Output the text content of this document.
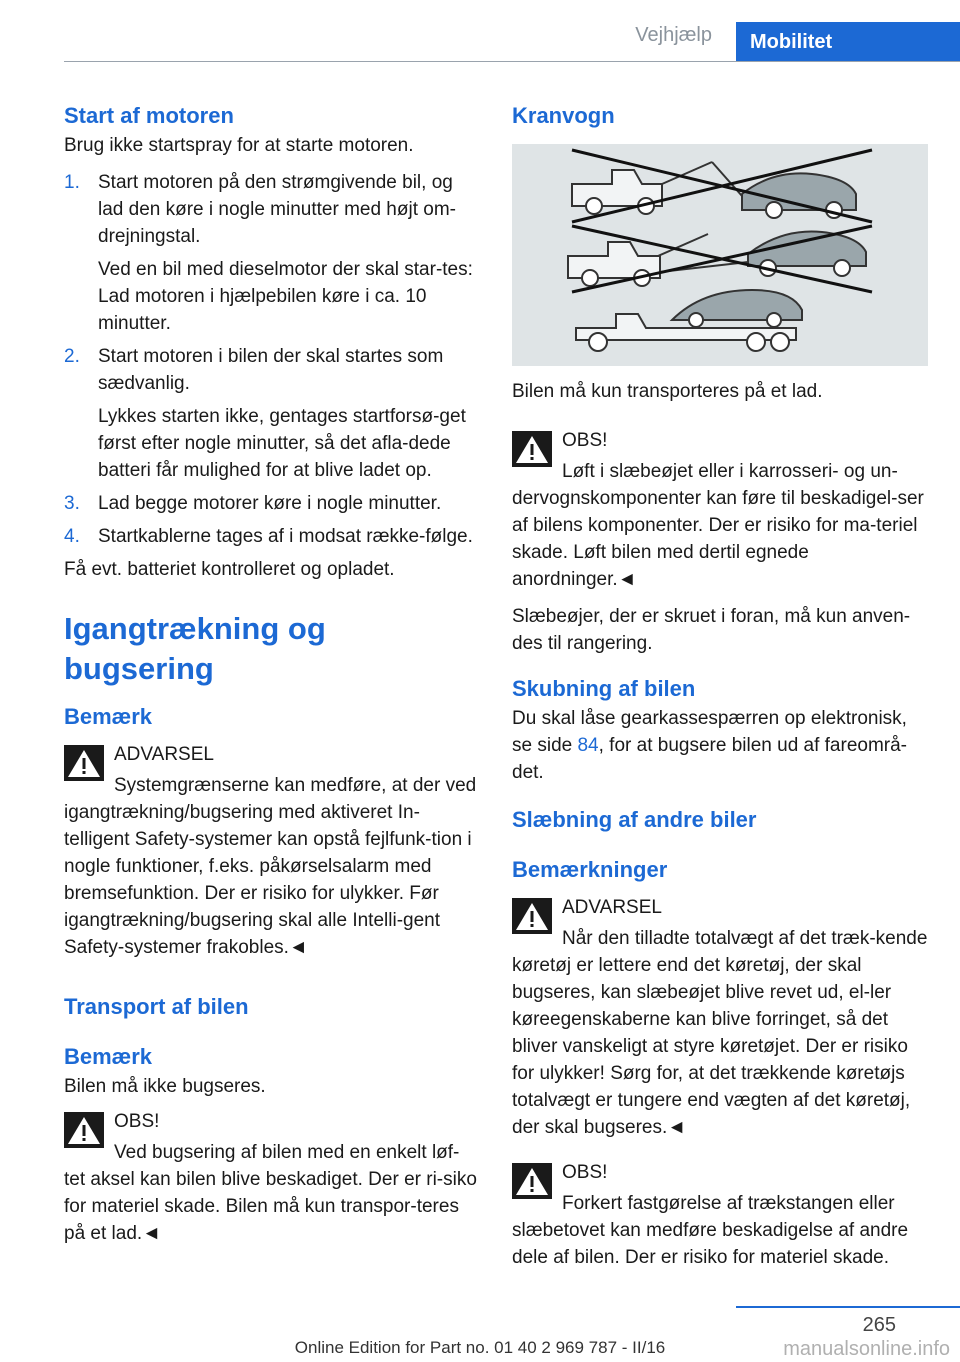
Vejhjælp	Mobilitet
Start af motoren

Brug ikke startspray for at starte motoren.

1. Start motoren på den strømgivende bil, og lad den køre i nogle minutter med højt om‐drejningstal.
Ved en bil med dieselmotor der skal star‐tes: Lad motoren i hjælpebilen køre i ca. 10 minutter.
2. Start motoren i bilen der skal startes som sædvanlig.
Lykkes starten ikke, gentages startforsø‐get først efter nogle minutter, så det afla‐dede batteri får mulighed for at blive ladet op.
3. Lad begge motorer køre i nogle minutter.
4. Startkablerne tages af i modsat række‐følge.

Få evt. batteriet kontrolleret og opladet.

Igangtrækning og bugsering
Bemærk
ADVARSEL
Systemgrænserne kan medføre, at der ved igangtrækning/bugsering med aktiveret In‐telligent Safety-systemer kan opstå fejlfunk‐tion i nogle funktioner, f.eks. påkørselsalarm med bremsefunktion. Der er risiko for ulykker. Før igangtrækning/bugsering skal alle Intelli‐gent Safety-systemer frakobles.◄
Transport af bilen
Bemærk

Bilen må ikke bugseres.

OBS!
Ved bugsering af bilen med en enkelt løf‐tet aksel kan bilen blive beskadiget. Der er ri‐siko for materiel skade. Bilen må kun transpor‐teres på et lad.◄
Kranvogn

Bilen må kun transporteres på et lad.

OBS!
Løft i slæbeøjet eller i karrosseri- og un‐dervognskomponenter kan føre til beskadigel‐ser af bilens komponenter. Der er risiko for ma‐teriel skade. Løft bilen med dertil egnede anordninger.◄

Slæbeøjer, der er skruet i foran, må kun anven‐des til rangering.

Skubning af bilen

Du skal låse gearkassespærren op elektronisk, se side 84, for at bugsere bilen ud af fareområ‐det.

Slæbning af andre biler
Bemærkninger
ADVARSEL
Når den tilladte totalvægt af det træk‐kende køretøj er lettere end det køretøj, der skal bugseres, kan slæbeøjet blive revet ud, el‐ler køreegenskaberne kan blive forringet, så det bliver vanskeligt at styre køretøjet. Der er risiko for ulykker! Sørg for, at det trækkende køretøjs totalvægt er tungere end vægten af det køretøj, der skal bugseres.◄
OBS!
Forkert fastgørelse af trækstangen eller slæbetovet kan medføre beskadigelse af andre dele af bilen. Der er risiko for materiel skade.
265
Online Edition for Part no. 01 40 2 969 787 - II/16	manualsonline.info
